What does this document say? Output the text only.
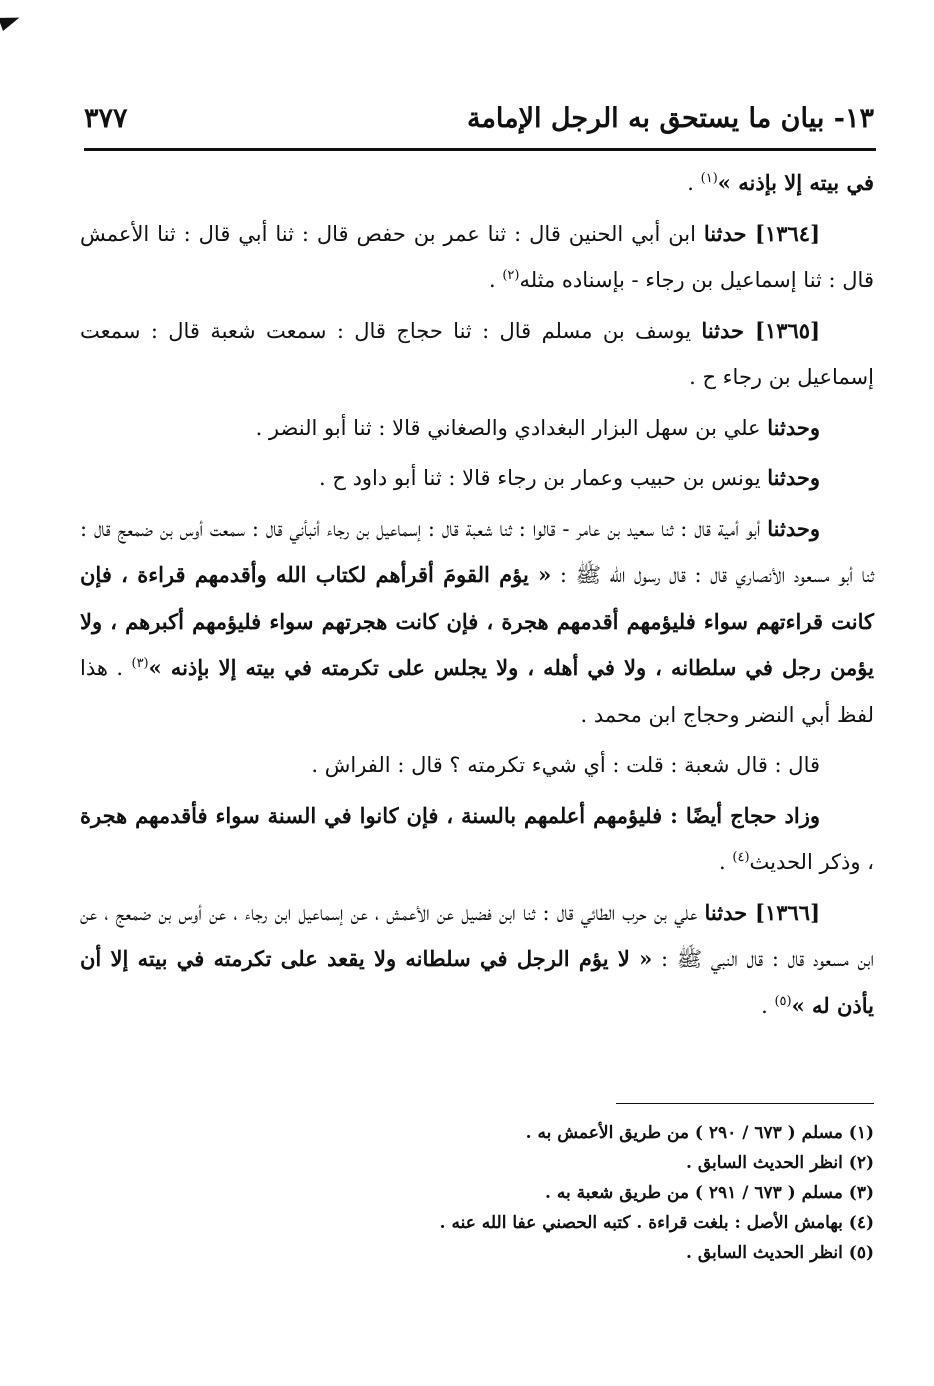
٣٧٧	١٣- بيان ما يستحق به الرجل الإمامة

في بيته إلا بإذنه »$^{(١)}$ .

[١٣٦٤] حدثنا ابن أبي الحنين قال : ثنا عمر بن حفص قال : ثنا أبي قال : ثنا الأعمش قال : ثنا إسماعيل بن رجاء - بإسناده مثله$^{(٢)}$ .

[١٣٦٥] حدثنا يوسف بن مسلم قال : ثنا حجاج قال : سمعت شعبة قال : سمعت إسماعيل بن رجاء ح .

وحدثنا علي بن سهل البزار البغدادي والصغاني قالا : ثنا أبو النضر .

وحدثنا يونس بن حبيب وعمار بن رجاء قالا : ثنا أبو داود ح .

وحدثنا أبو أمية قال : ثنا سعيد بن عامر - قالوا : ثنا شعبة قال : إسماعيل بن رجاء أنبأني قال : سمعت أوس بن ضمعج قال : ثنا أبو مسعود الأنصاري قال : قال رسول الله ﷺ : « يؤم القومَ أقرأهم لكتاب الله وأقدمهم قراءة ، فإن كانت قراءتهم سواء فليؤمهم أقدمهم هجرة ، فإن كانت هجرتهم سواء فليؤمهم أكبرهم ، ولا يؤمن رجل في سلطانه ، ولا في أهله ، ولا يجلس على تكرمته في بيته إلا بإذنه »$^{(٣)}$ . هذا لفظ أبي النضر وحجاج ابن محمد .

قال : قال شعبة : قلت : أي شيء تكرمته ؟ قال : الفراش .

وزاد حجاج أيضًا : فليؤمهم أعلمهم بالسنة ، فإن كانوا في السنة سواء فأقدمهم هجرة ، وذكر الحديث$^{(٤)}$ .

[١٣٦٦] حدثنا علي بن حرب الطائي قال : ثنا ابن فضيل عن الأعمش ، عن إسماعيل ابن رجاء ، عن أوس بن ضمعج ، عن ابن مسعود قال : قال النبي ﷺ : « لا يؤم الرجل في سلطانه ولا يقعد على تكرمته في بيته إلا أن يأذن له »$^{(٥)}$ .

(١) مسلم ( ٦٧٣ / ٢٩٠ ) من طريق الأعمش به .

(٢) انظر الحديث السابق .

(٣) مسلم ( ٦٧٣ / ٢٩١ ) من طريق شعبة به .

(٤) بهامش الأصل : بلغت قراءة . كتبه الحصني عفا الله عنه .

(٥) انظر الحديث السابق .
